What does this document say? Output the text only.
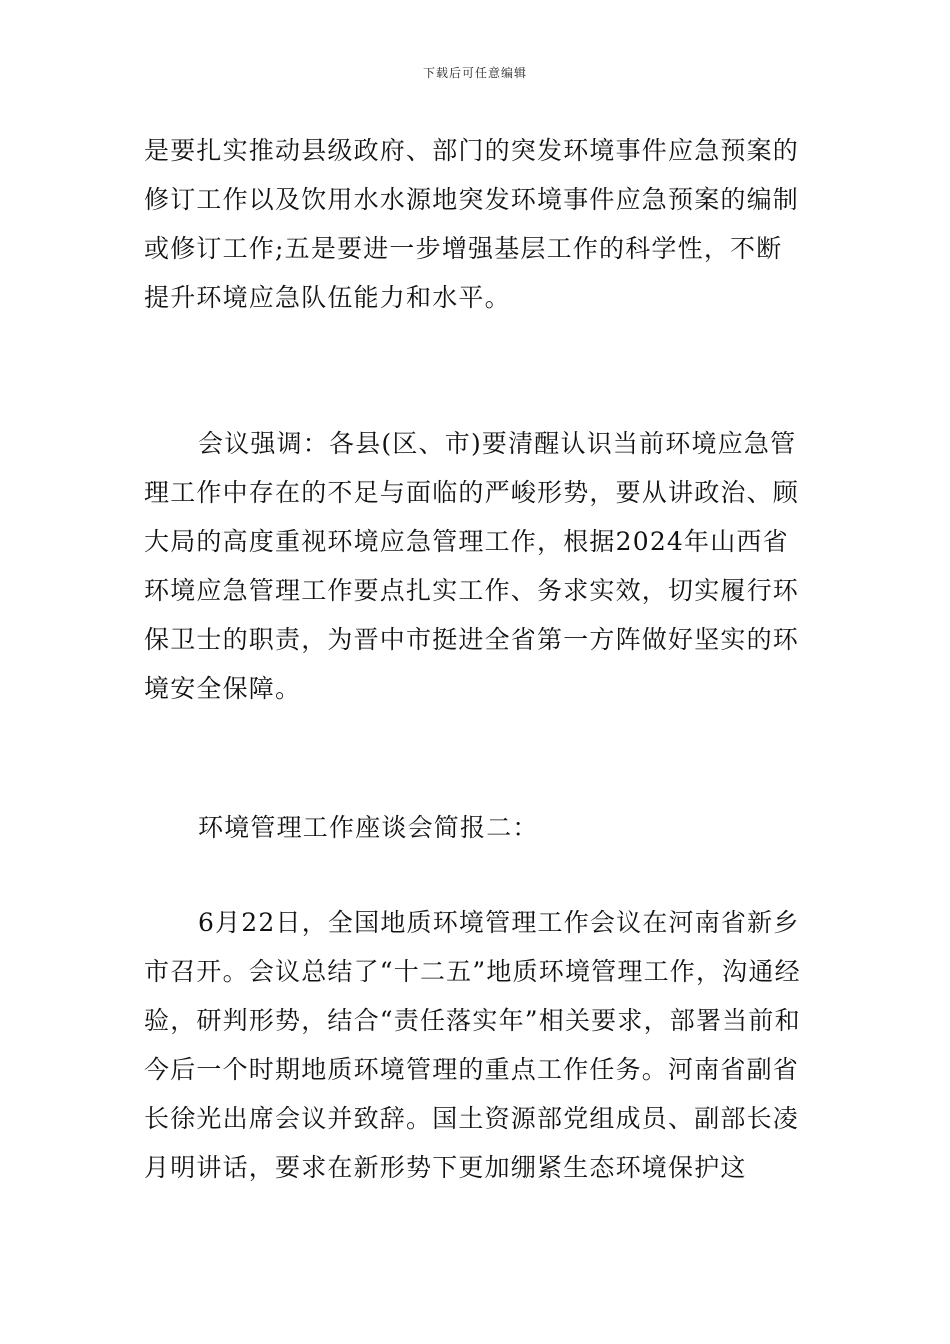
下载后可任意编辑

是要扎实推动县级政府、部门的突发环境事件应急预案的修订工作以及饮用水水源地突发环境事件应急预案的编制或修订工作;五是要进一步增强基层工作的科学性，不断提升环境应急队伍能力和水平。

会议强调：各县(区、市)要清醒认识当前环境应急管理工作中存在的不足与面临的严峻形势，要从讲政治、顾大局的高度重视环境应急管理工作，根据2024年山西省环境应急管理工作要点扎实工作、务求实效，切实履行环保卫士的职责，为晋中市挺进全省第一方阵做好坚实的环境安全保障。

环境管理工作座谈会简报二：

6月22日，全国地质环境管理工作会议在河南省新乡市召开。会议总结了“十二五”地质环境管理工作，沟通经验，研判形势，结合“责任落实年”相关要求，部署当前和今后一个时期地质环境管理的重点工作任务。河南省副省长徐光出席会议并致辞。国土资源部党组成员、副部长凌月明讲话，要求在新形势下更加绷紧生态环境保护这
